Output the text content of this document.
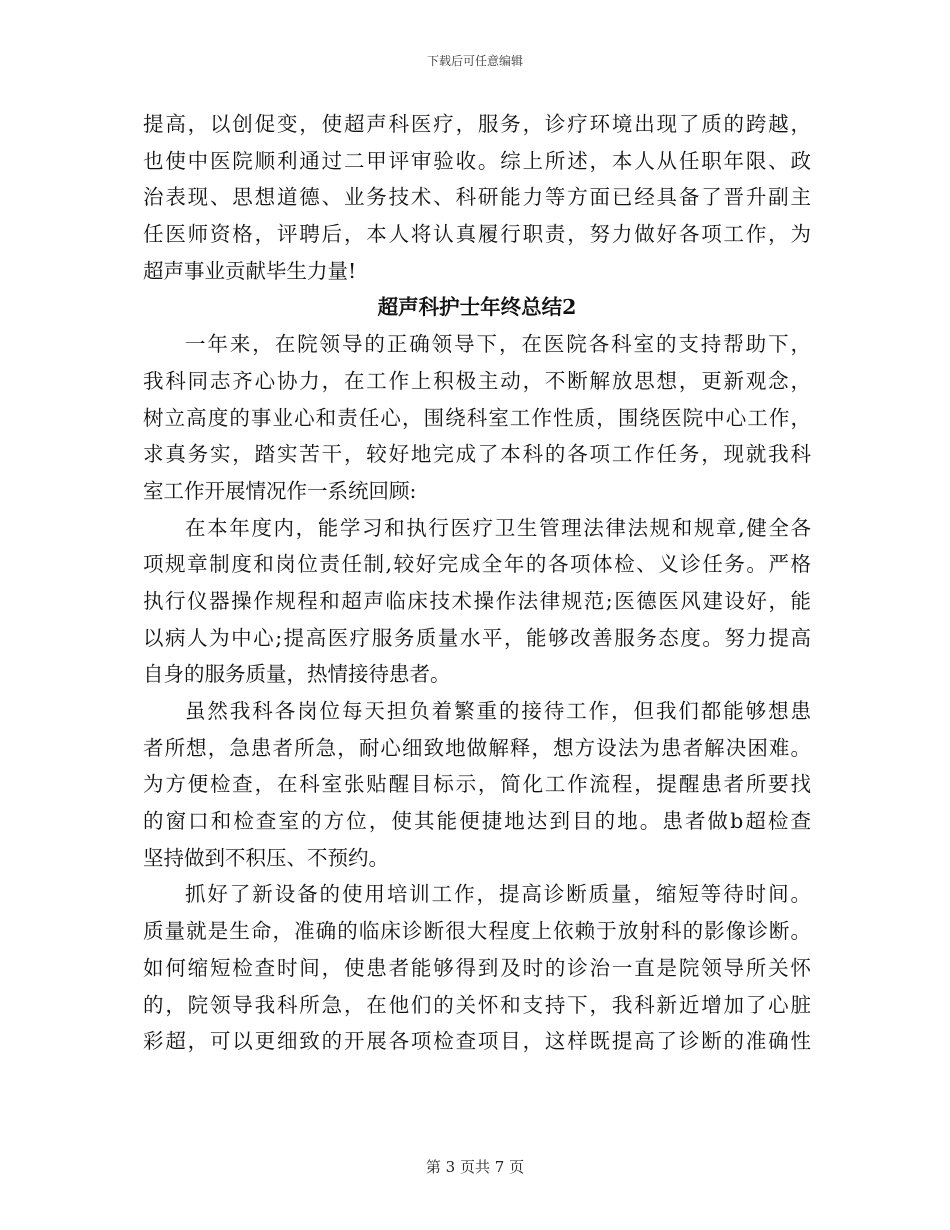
下载后可任意编辑
提高，以创促变，使超声科医疗，服务，诊疗环境出现了质的跨越，
也使中医院顺利通过二甲评审验收。综上所述，本人从任职年限、政
治表现、思想道德、业务技术、科研能力等方面已经具备了晋升副主
任医师资格，评聘后，本人将认真履行职责，努力做好各项工作，为
超声事业贡献毕生力量!
超声科护士年终总结2
一年来，在院领导的正确领导下，在医院各科室的支持帮助下，
我科同志齐心协力，在工作上积极主动，不断解放思想，更新观念，
树立高度的事业心和责任心，围绕科室工作性质，围绕医院中心工作，
求真务实，踏实苦干，较好地完成了本科的各项工作任务，现就我科
室工作开展情况作一系统回顾:
在本年度内，能学习和执行医疗卫生管理法律法规和规章,健全各
项规章制度和岗位责任制,较好完成全年的各项体检、义诊任务。严格
执行仪器操作规程和超声临床技术操作法律规范;医德医风建设好，能
以病人为中心;提高医疗服务质量水平，能够改善服务态度。努力提高
自身的服务质量，热情接待患者。
虽然我科各岗位每天担负着繁重的接待工作，但我们都能够想患
者所想，急患者所急，耐心细致地做解释，想方设法为患者解决困难。
为方便检查，在科室张贴醒目标示，简化工作流程，提醒患者所要找
的窗口和检查室的方位，使其能便捷地达到目的地。患者做b超检查
坚持做到不积压、不预约。
抓好了新设备的使用培训工作，提高诊断质量，缩短等待时间。
质量就是生命，准确的临床诊断很大程度上依赖于放射科的影像诊断。
如何缩短检查时间，使患者能够得到及时的诊治一直是院领导所关怀
的，院领导我科所急，在他们的关怀和支持下，我科新近增加了心脏
彩超，可以更细致的开展各项检查项目，这样既提高了诊断的准确性
第 3 页共 7 页
